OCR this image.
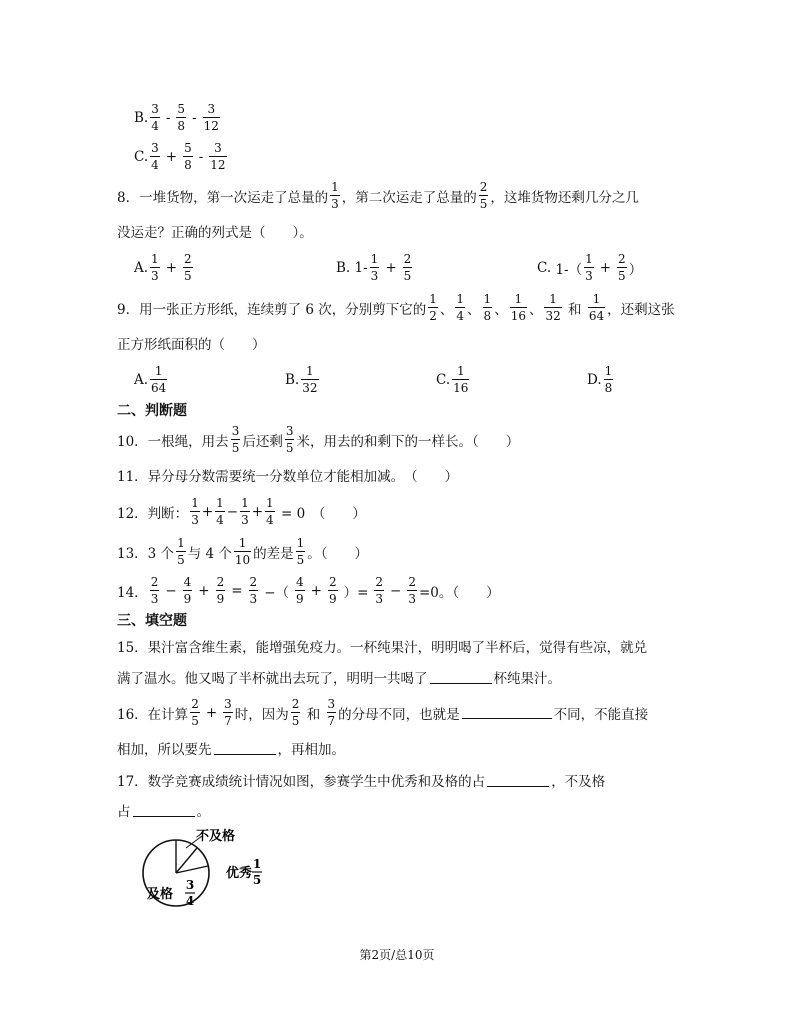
B.
3
4
-
5
8
-
3
12
C.
3
4
+
5
8
-
3
12
8．一堆货物，第一次运走了总量的
1
3 ，第二次运走了总量的
2
5 ，这堆货物还剩几分之几
没运走？正确的列式是（　　）。
A.
1
3
+
2
5
B.
1-
1
3
+
2
5
C.
1-（
1
3
+
2
5 ）
9．用一张正方形纸，连续剪了 6 次，分别剪下它的
1
2 、
1
4 、
1
8 、
1
16 、
1
32
和

1
64 ，还剩这张
正方形纸面积的（　　）
A.
1
64
B.
1
32
C.
1
16
D.
1
8
二、判断题
10．一根绳，用去
3
5 后还剩
3
5 米，用去的和剩下的一样长。（　　）
11．异分母分数需要统一分数单位才能相加减。　（　　）
12．判断：
1
3
+
1
4
−
1
3
+
1
4
= 0　（　　）
13．3 个
1
5 与 4 个
1
10 的差是
1
5 。（　　）
14．
2
3
−
4
9
+
2
9
=
2
3 −（
4
9
+
2
9 ）=
2
3
−
2
3 =0。（　　）
三、填空题
15．果汁富含维生素，能增强免疫力。一杯纯果汁，明明喝了半杯后，觉得有些凉，就兑
满了温水。他又喝了半杯就出去玩了，明明一共喝了	杯纯果汁。
16．在计算
2
5
+
3
7 时，因为
2
5
和

3
7 的分母不同，也就是	不同，不能直接
相加，所以要先	，再相加。
17．数学竞赛成绩统计情况如图，参赛学生中优秀和及格的占	，不及格
占	。
不及格
优秀
1
5
及格
3
4
第2页/总10页
